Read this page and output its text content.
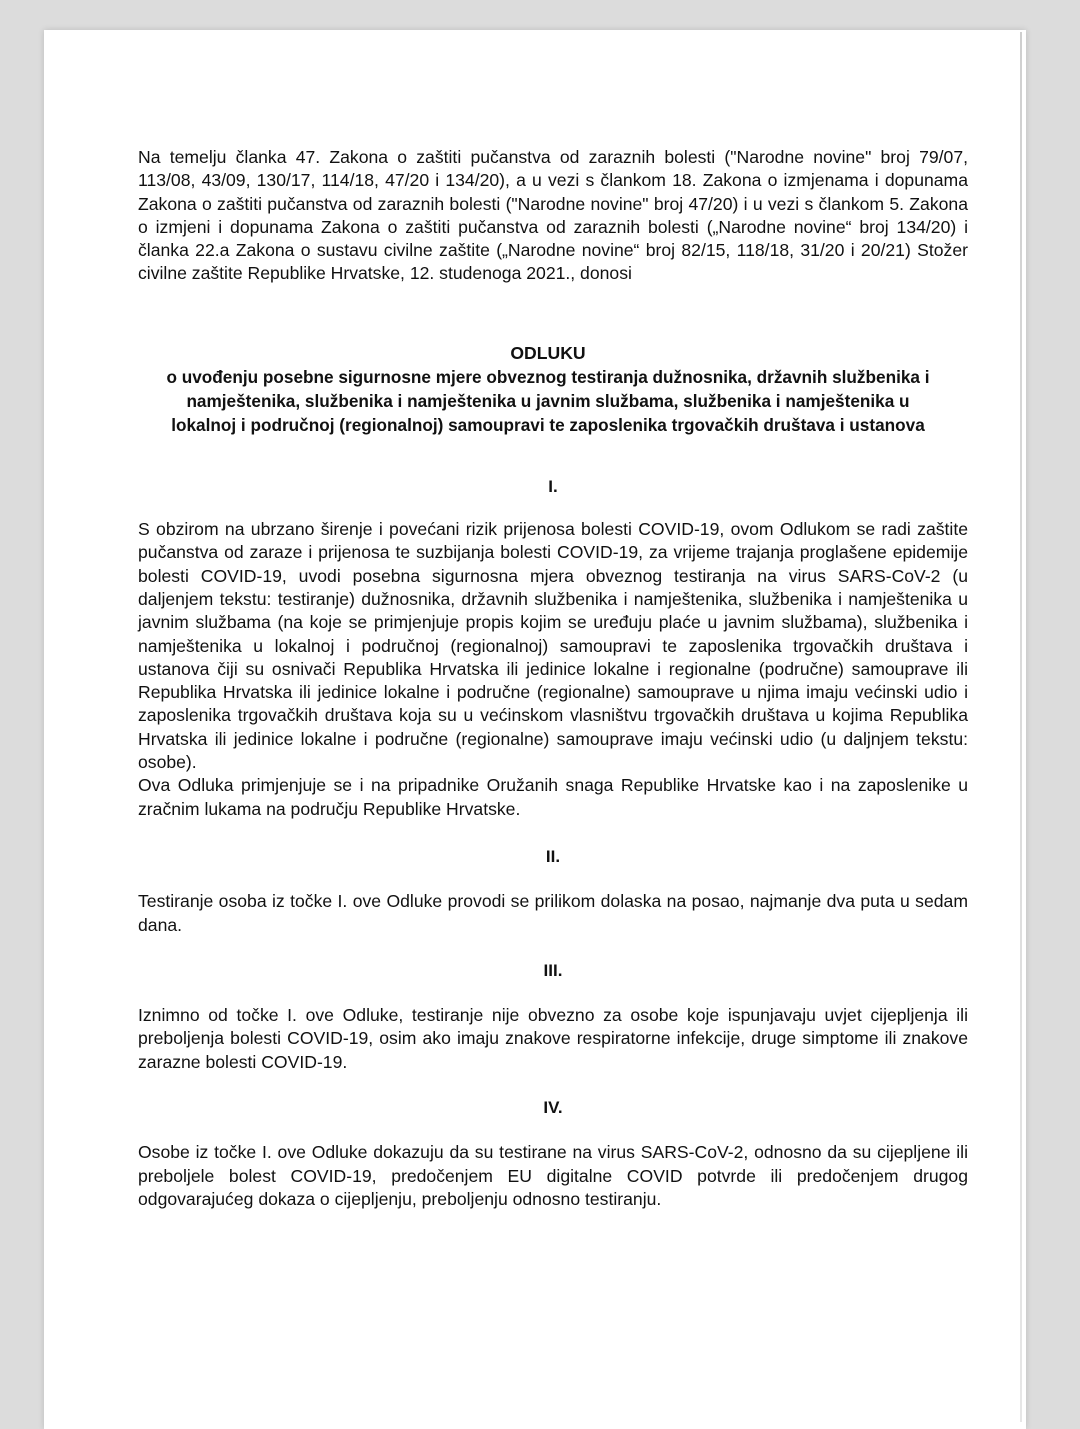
Na temelju članka 47. Zakona o zaštiti pučanstva od zaraznih bolesti ("Narodne novine" broj 79/07, 113/08, 43/09, 130/17, 114/18, 47/20 i 134/20), a u vezi s člankom 18. Zakona o izmjenama i dopunama Zakona o zaštiti pučanstva od zaraznih bolesti ("Narodne novine" broj 47/20) i u vezi s člankom 5. Zakona o izmjeni i dopunama Zakona o zaštiti pučanstva od zaraznih bolesti („Narodne novine“ broj 134/20) i članka 22.a Zakona o sustavu civilne zaštite („Narodne novine“ broj 82/15, 118/18, 31/20 i 20/21) Stožer civilne zaštite Republike Hrvatske, 12. studenoga 2021., donosi

ODLUKU
o uvođenju posebne sigurnosne mjere obveznog testiranja dužnosnika, državnih službenika i namještenika, službenika i namještenika u javnim službama, službenika i namještenika u lokalnoj i područnoj (regionalnoj) samoupravi te zaposlenika trgovačkih društava i ustanova
I.

S obzirom na ubrzano širenje i povećani rizik prijenosa bolesti COVID-19, ovom Odlukom se radi zaštite pučanstva od zaraze i prijenosa te suzbijanja bolesti COVID-19, za vrijeme trajanja proglašene epidemije bolesti COVID-19, uvodi posebna sigurnosna mjera obveznog testiranja na virus SARS-CoV-2 (u daljenjem tekstu: testiranje) dužnosnika, državnih službenika i namještenika, službenika i namještenika u javnim službama (na koje se primjenjuje propis kojim se uređuju plaće u javnim službama), službenika i namještenika u lokalnoj i područnoj (regionalnoj) samoupravi te zaposlenika trgovačkih društava i ustanova čiji su osnivači Republika Hrvatska ili jedinice lokalne i regionalne (područne) samoupravе ili Republika Hrvatska ili jedinice lokalne i područne (regionalne) samouprave u njima imaju većinski udio i zaposlenika trgovačkih društava koja su u većinskom vlasništvu trgovačkih društava u kojima Republika Hrvatska ili jedinice lokalne i područne (regionalne) samouprave imaju većinski udio (u daljnjem tekstu: osobe).

Ova Odluka primjenjuje se i na pripadnike Oružanih snaga Republike Hrvatske kao i na zaposlenike u zračnim lukama na području Republike Hrvatske.

II.

Testiranje osoba iz točke I. ove Odluke provodi se prilikom dolaska na posao, najmanje dva puta u sedam dana.

III.

Iznimno od točke I. ove Odluke, testiranje nije obvezno za osobe koje ispunjavaju uvjet cijepljenja ili preboljenja bolesti COVID-19, osim ako imaju znakove respiratorne infekcije, druge simptome ili znakove zarazne bolesti COVID-19.

IV.

Osobe iz točke I. ove Odluke dokazuju da su testirane na virus SARS-CoV-2, odnosno da su cijepljene ili preboljele bolest COVID-19, predočenjem EU digitalne COVID potvrde ili predočenjem drugog odgovarajućeg dokaza o cijepljenju, preboljenju odnosno testiranju.
